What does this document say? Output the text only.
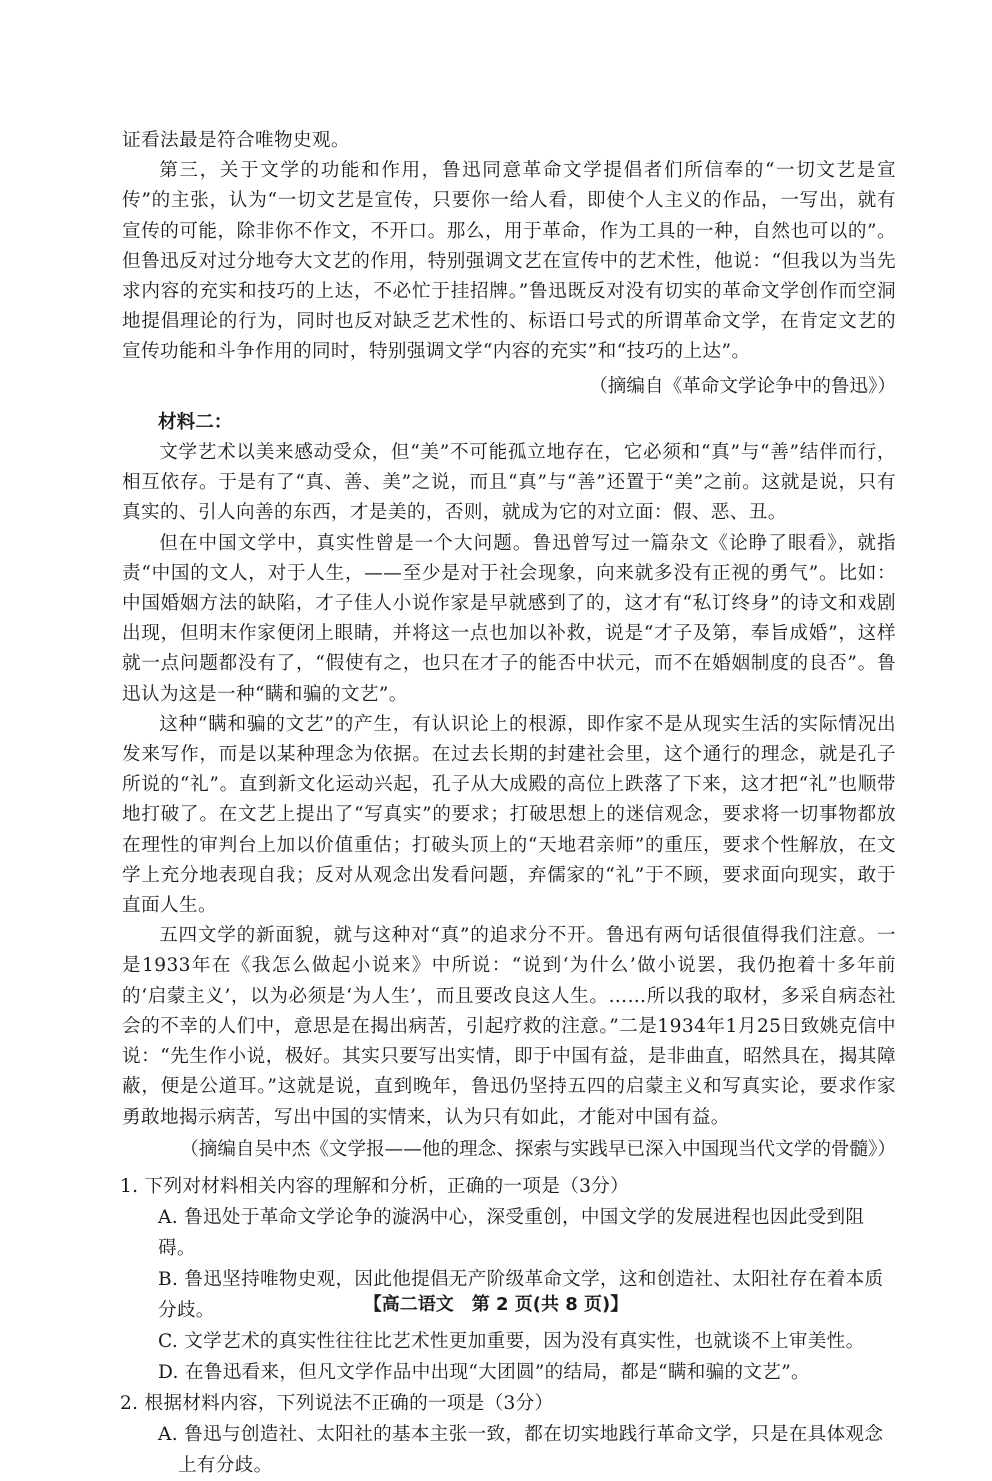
证看法最是符合唯物史观。

第三，关于文学的功能和作用，鲁迅同意革命文学提倡者们所信奉的“一切文艺是宣传”的主张，认为“一切文艺是宣传，只要你一给人看，即使个人主义的作品，一写出，就有宣传的可能，除非你不作文，不开口。那么，用于革命，作为工具的一种，自然也可以的”。但鲁迅反对过分地夸大文艺的作用，特别强调文艺在宣传中的艺术性，他说：“但我以为当先求内容的充实和技巧的上达，不必忙于挂招牌。”鲁迅既反对没有切实的革命文学创作而空洞地提倡理论的行为，同时也反对缺乏艺术性的、标语口号式的所谓革命文学，在肯定文艺的宣传功能和斗争作用的同时，特别强调文学“内容的充实”和“技巧的上达”。

（摘编自《革命文学论争中的鲁迅》）

材料二：

文学艺术以美来感动受众，但“美”不可能孤立地存在，它必须和“真”与“善”结伴而行，相互依存。于是有了“真、善、美”之说，而且“真”与“善”还置于“美”之前。这就是说，只有真实的、引人向善的东西，才是美的，否则，就成为它的对立面：假、恶、丑。

但在中国文学中，真实性曾是一个大问题。鲁迅曾写过一篇杂文《论睁了眼看》，就指责“中国的文人，对于人生，——至少是对于社会现象，向来就多没有正视的勇气”。比如：中国婚姻方法的缺陷，才子佳人小说作家是早就感到了的，这才有“私订终身”的诗文和戏剧出现，但明末作家便闭上眼睛，并将这一点也加以补救，说是“才子及第，奉旨成婚”，这样就一点问题都没有了，“假使有之，也只在才子的能否中状元，而不在婚姻制度的良否”。鲁迅认为这是一种“瞒和骗的文艺”。

这种“瞒和骗的文艺”的产生，有认识论上的根源，即作家不是从现实生活的实际情况出发来写作，而是以某种理念为依据。在过去长期的封建社会里，这个通行的理念，就是孔子所说的“礼”。直到新文化运动兴起，孔子从大成殿的高位上跌落了下来，这才把“礼”也顺带地打破了。在文艺上提出了“写真实”的要求；打破思想上的迷信观念，要求将一切事物都放在理性的审判台上加以价值重估；打破头顶上的“天地君亲师”的重压，要求个性解放，在文学上充分地表现自我；反对从观念出发看问题，弃儒家的“礼”于不顾，要求面向现实，敢于直面人生。

五四文学的新面貌，就与这种对“真”的追求分不开。鲁迅有两句话很值得我们注意。一是1933年在《我怎么做起小说来》中所说：“说到‘为什么’做小说罢，我仍抱着十多年前的‘启蒙主义’，以为必须是‘为人生’，而且要改良这人生。……所以我的取材，多采自病态社会的不幸的人们中，意思是在揭出病苦，引起疗救的注意。”二是1934年1月25日致姚克信中说：“先生作小说，极好。其实只要写出实情，即于中国有益，是非曲直，昭然具在，揭其障蔽，便是公道耳。”这就是说，直到晚年，鲁迅仍坚持五四的启蒙主义和写真实论，要求作家勇敢地揭示病苦，写出中国的实情来，认为只有如此，才能对中国有益。

（摘编自吴中杰《文学报——他的理念、探索与实践早已深入中国现当代文学的骨髓》）

1. 下列对材料相关内容的理解和分析，正确的一项是（3分）

A. 鲁迅处于革命文学论争的漩涡中心，深受重创，中国文学的发展进程也因此受到阻碍。

B. 鲁迅坚持唯物史观，因此他提倡无产阶级革命文学，这和创造社、太阳社存在着本质分歧。

C. 文学艺术的真实性往往比艺术性更加重要，因为没有真实性，也就谈不上审美性。

D. 在鲁迅看来，但凡文学作品中出现“大团圆”的结局，都是“瞒和骗的文艺”。

2. 根据材料内容，下列说法不正确的一项是（3分）

A. 鲁迅与创造社、太阳社的基本主张一致，都在切实地践行革命文学，只是在具体观念上有分歧。

【高二语文　第 2 页(共 8 页)】
